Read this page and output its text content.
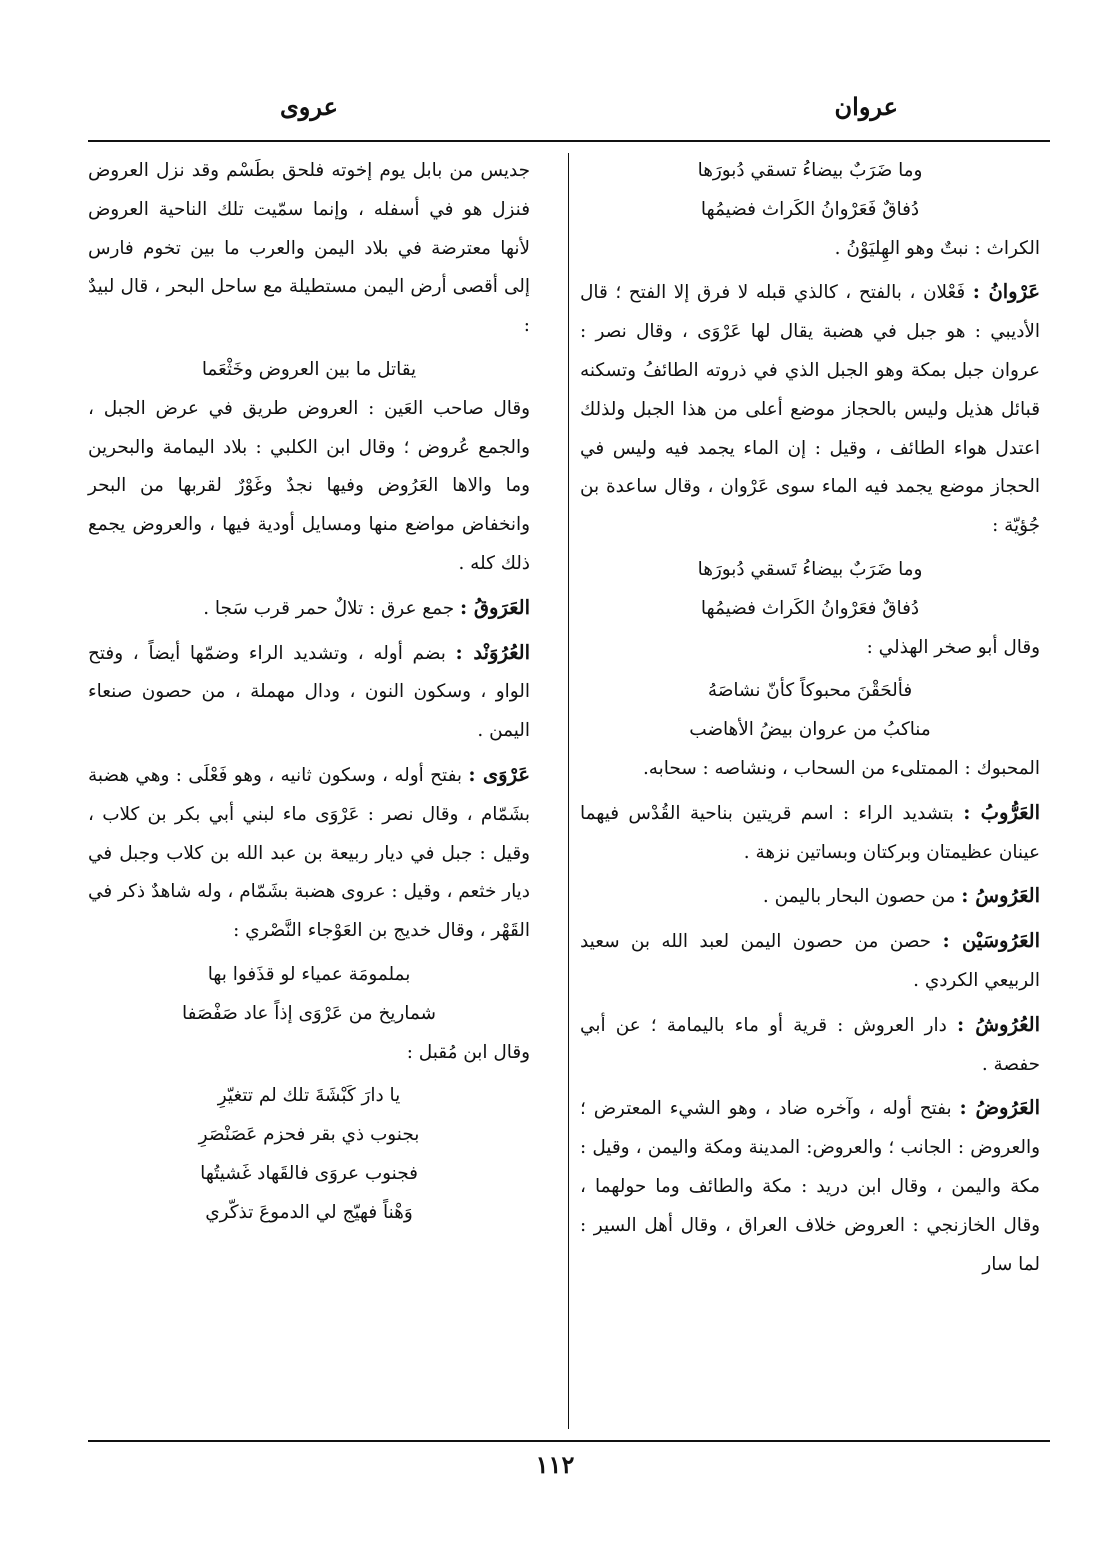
عروان
عروى

وما ضَرَبٌ بيضاءُ تسقي دُبورَها

دُفاقٌ فَعَرْوانُ الكَراث فضيمُها

الكراث : نبتٌ وهو الهِليَوْنُ .

عَرْوانُ : فَعْلان ، بالفتح ، كالذي قبله لا فرق إلا الفتح ؛ قال الأديبي : هو جبل في هضبة يقال لها عَرْوَى ، وقال نصر : عروان جبل بمكة وهو الجبل الذي في ذروته الطائفُ وتسكنه قبائل هذيل وليس بالحجاز موضع أعلى من هذا الجبل ولذلك اعتدل هواء الطائف ، وقيل : إن الماء يجمد فيه وليس في الحجاز موضع يجمد فيه الماء سوى عَرْوان ، وقال ساعدة بن جُؤيّة :

وما ضَرَبٌ بيضاءُ تَسقي دُبورَها

دُفاقٌ فعَرْوانُ الكَراث فضيمُها

وقال أبو صخر الهذلي :

فألحَقْنَ محبوكاً كأنّ نشاصَهُ

مناكبُ من عروان بيضُ الأهاضب

المحبوك : الممتلىء من السحاب ، ونشاصه : سحابه.

العَرُّوبُ : بتشديد الراء : اسم قريتين بناحية القُدْس فيهما عينان عظيمتان وبركتان وبساتين نزهة .

العَرُوسُ : من حصون البحار باليمن .

العَرُوسَيْن : حصن من حصون اليمن لعبد الله بن سعيد الربيعي الكردي .

العُرُوشُ : دار العروش : قرية أو ماء باليمامة ؛ عن أبي حفصة .

العَرُوضُ : بفتح أوله ، وآخره ضاد ، وهو الشيء المعترض ؛ والعروض : الجانب ؛ والعروض: المدينة ومكة واليمن ، وقيل : مكة واليمن ، وقال ابن دريد : مكة والطائف وما حولهما ، وقال الخازنجي : العروض خلاف العراق ، وقال أهل السير : لما سار

جديس من بابل يوم إخوته فلحق بطَسْم وقد نزل العروض فنزل هو في أسفله ، وإنما سمّيت تلك الناحية العروض لأنها معترضة في بلاد اليمن والعرب ما بين تخوم فارس إلى أقصى أرض اليمن مستطيلة مع ساحل البحر ، قال لبيدٌ :

يقاتل ما بين العروض وخَثْعَما

وقال صاحب العَين : العروض طريق في عرض الجبل ، والجمع عُروض ؛ وقال ابن الكلبي : بلاد اليمامة والبحرين وما والاها العَرُوض وفيها نجدٌ وغَوْرٌ لقربها من البحر وانخفاض مواضع منها ومسايل أودية فيها ، والعروض يجمع ذلك كله .

العَرَوقُ : جمع عرق : تلالٌ حمر قرب سَجا .

العُرُوَنْد : بضم أوله ، وتشديد الراء وضمّها أيضاً ، وفتح الواو ، وسكون النون ، ودال مهملة ، من حصون صنعاء اليمن .

عَرْوَى : بفتح أوله ، وسكون ثانيه ، وهو فَعْلَى : وهي هضبة بشَمّام ، وقال نصر : عَرْوَى ماء لبني أبي بكر بن كلاب ، وقيل : جبل في ديار ربيعة بن عبد الله بن كلاب وجبل في ديار خثعم ، وقيل : عروى هضبة بشَمّام ، وله شاهدٌ ذكر في القَهْر ، وقال خديج بن العَوْجاء النَّصْري :

بملمومَة عمياء لو قذَفوا بها

شماريخ من عَرْوَى إذاً عاد صَفْصَفا

وقال ابن مُقبل :

يا دارَ كَبْشَةَ تلك لم تتغيّرِ

بجنوب ذي بقر فحزم عَصَنْصَرِ

فجنوب عروَى فالقَهاد غَشيتُها

وَهْناً فهيّج لي الدموعَ تذكّري

١١٢
